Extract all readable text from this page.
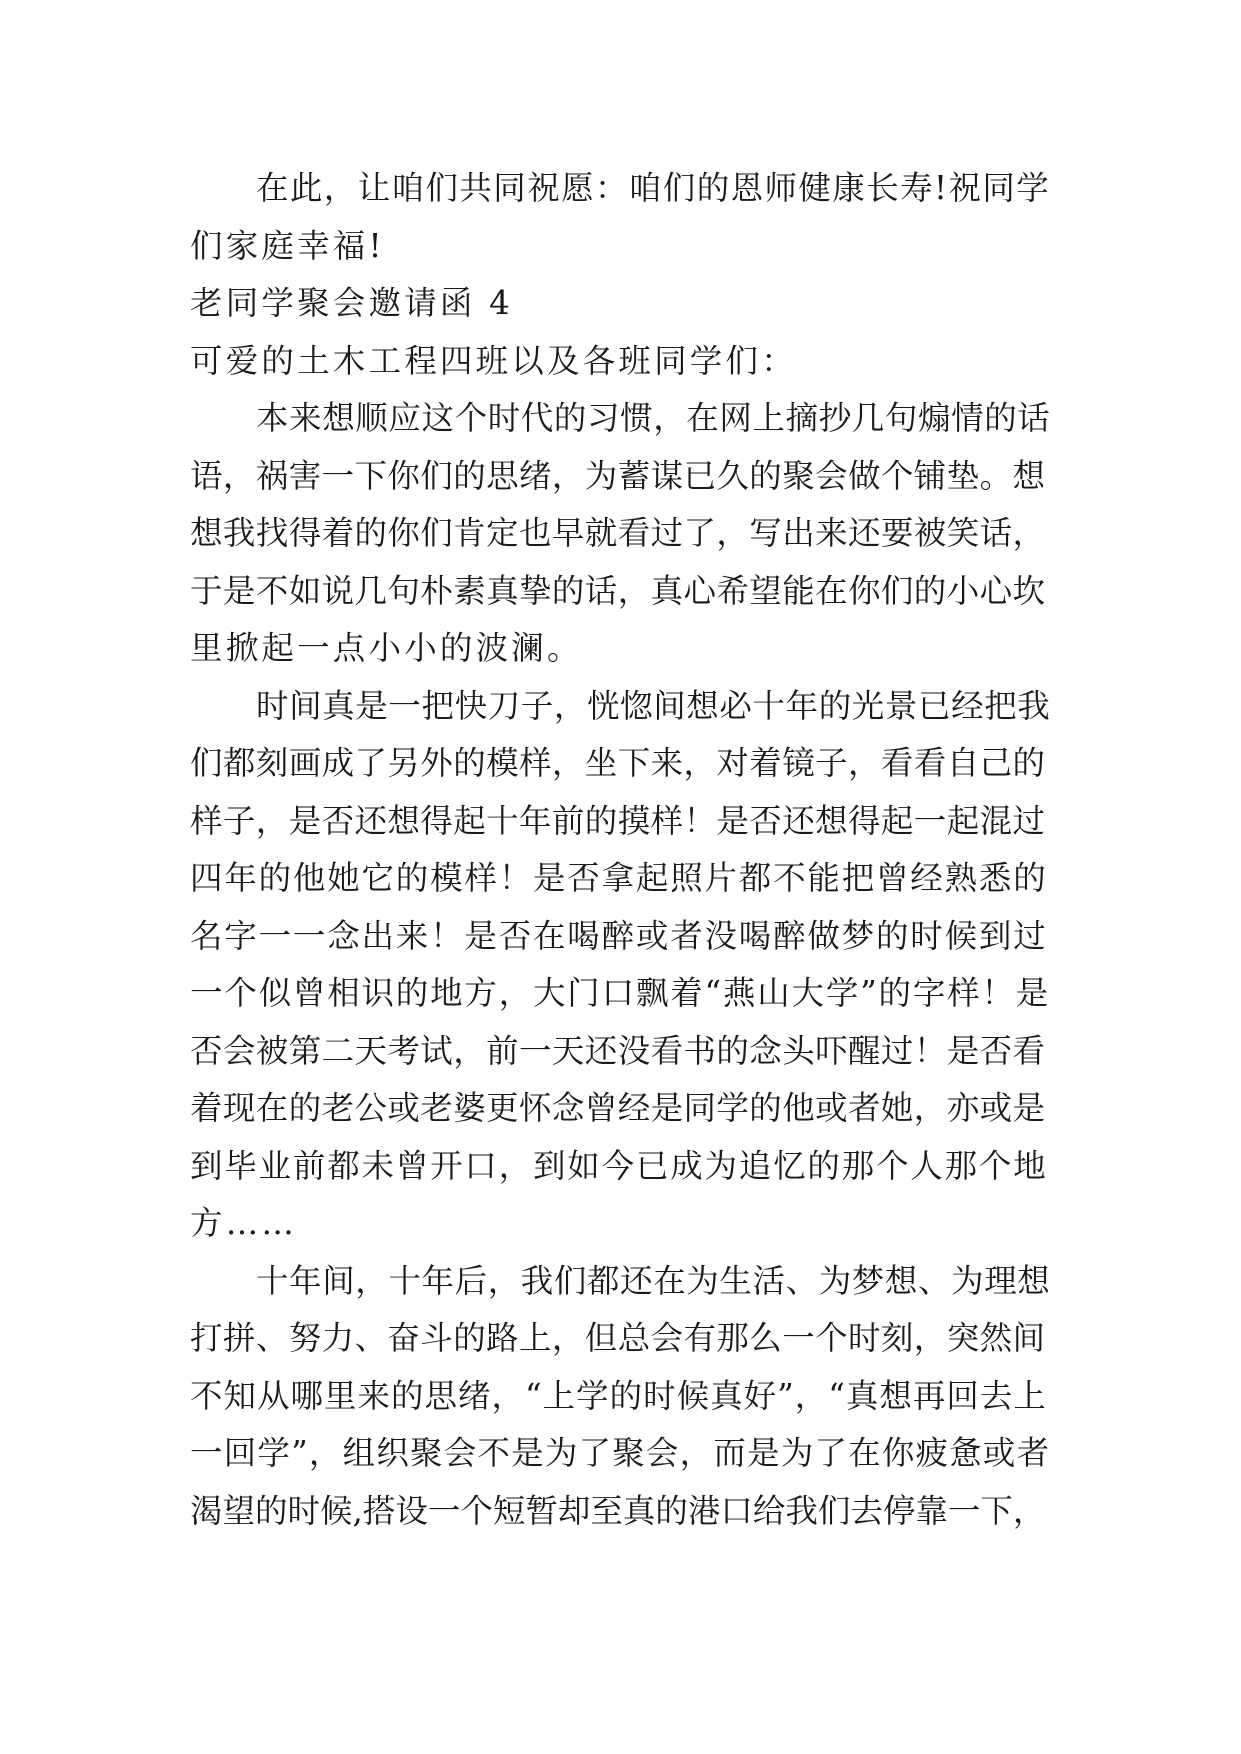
在此，让咱们共同祝愿：咱们的恩师健康长寿!祝同学

们家庭幸福!

老同学聚会邀请函 4

可爱的土木工程四班以及各班同学们：

本来想顺应这个时代的习惯，在网上摘抄几句煽情的话

语，祸害一下你们的思绪，为蓄谋已久的聚会做个铺垫。想

想我找得着的你们肯定也早就看过了，写出来还要被笑话，

于是不如说几句朴素真挚的话，真心希望能在你们的小心坎

里掀起一点小小的波澜。

时间真是一把快刀子，恍惚间想必十年的光景已经把我

们都刻画成了另外的模样，坐下来，对着镜子，看看自己的

样子，是否还想得起十年前的摸样！是否还想得起一起混过

四年的他她它的模样！是否拿起照片都不能把曾经熟悉的

名字一一念出来！是否在喝醉或者没喝醉做梦的时候到过

一个似曾相识的地方，大门口飘着“燕山大学”的字样！是

否会被第二天考试，前一天还没看书的念头吓醒过！是否看

着现在的老公或老婆更怀念曾经是同学的他或者她，亦或是

到毕业前都未曾开口，到如今已成为追忆的那个人那个地

方……

十年间，十年后，我们都还在为生活、为梦想、为理想

打拼、努力、奋斗的路上，但总会有那么一个时刻，突然间

不知从哪里来的思绪，“上学的时候真好”，“真想再回去上

一回学”，组织聚会不是为了聚会，而是为了在你疲惫或者

渴望的时候,搭设一个短暂却至真的港口给我们去停靠一下，
